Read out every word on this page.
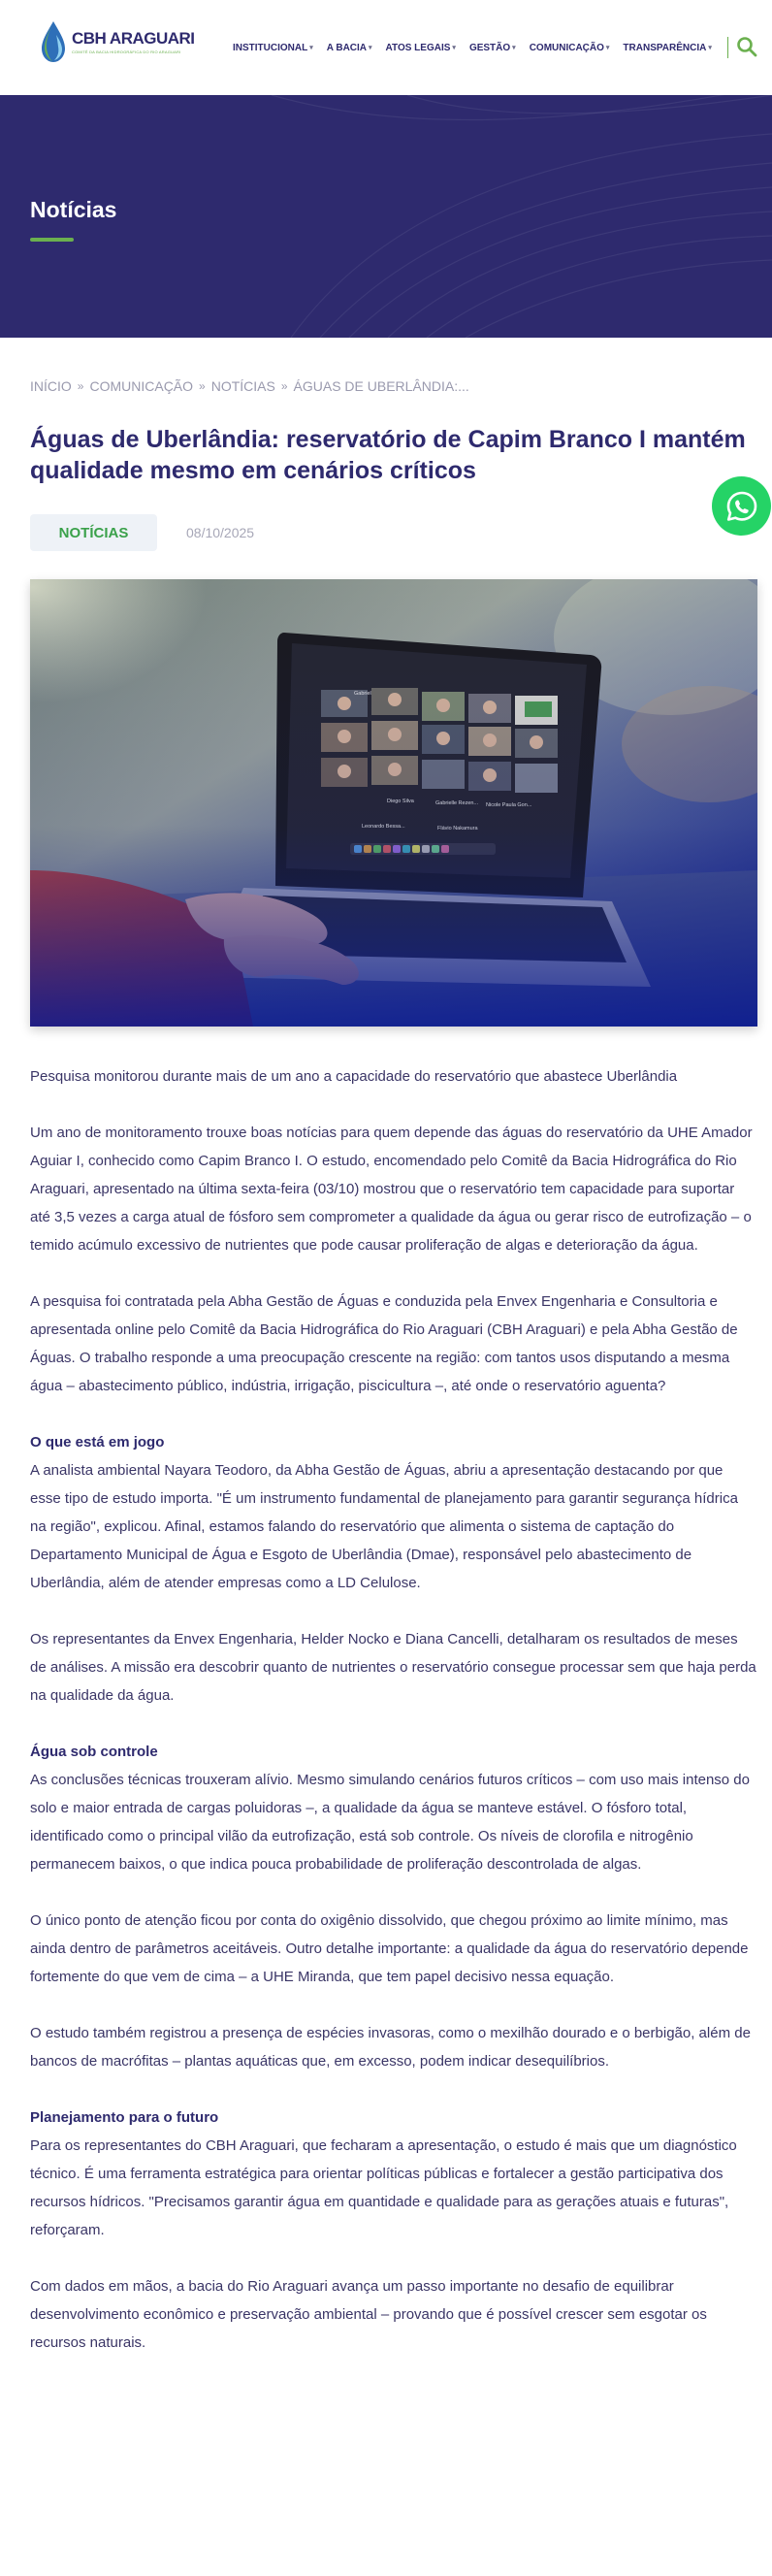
CBH ARAGUARI
COMITÊ DA BACIA HIDROGRÁFICA DO RIO ARAGUARI	INSTITUCIONAL ▾ A BACIA ▾ ATOS LEGAIS ▾ GESTÃO ▾ COMUNICAÇÃO ▾ TRANSPARÊNCIA ▾
Notícias
INÍCIO » COMUNICAÇÃO » NOTÍCIAS » ÁGUAS DE UBERLÂNDIA:...
Águas de Uberlândia: reservatório de Capim Branco I mantém qualidade mesmo em cenários críticos
NOTÍCIAS	08/10/2025

Pesquisa monitorou durante mais de um ano a capacidade do reservatório que abastece Uberlândia

Um ano de monitoramento trouxe boas notícias para quem depende das águas do reservatório da UHE Amador Aguiar I, conhecido como Capim Branco I. O estudo, encomendado pelo Comitê da Bacia Hidrográfica do Rio Araguari, apresentado na última sexta-feira (03/10) mostrou que o reservatório tem capacidade para suportar até 3,5 vezes a carga atual de fósforo sem comprometer a qualidade da água ou gerar risco de eutrofização – o temido acúmulo excessivo de nutrientes que pode causar proliferação de algas e deterioração da água.

A pesquisa foi contratada pela Abha Gestão de Águas e conduzida pela Envex Engenharia e Consultoria e apresentada online pelo Comitê da Bacia Hidrográfica do Rio Araguari (CBH Araguari) e pela Abha Gestão de Águas. O trabalho responde a uma preocupação crescente na região: com tantos usos disputando a mesma água – abastecimento público, indústria, irrigação, piscicultura –, até onde o reservatório aguenta?

O que está em jogo

A analista ambiental Nayara Teodoro, da Abha Gestão de Águas, abriu a apresentação destacando por que esse tipo de estudo importa. "É um instrumento fundamental de planejamento para garantir segurança hídrica na região", explicou. Afinal, estamos falando do reservatório que alimenta o sistema de captação do Departamento Municipal de Água e Esgoto de Uberlândia (Dmae), responsável pelo abastecimento de Uberlândia, além de atender empresas como a LD Celulose.

Os representantes da Envex Engenharia, Helder Nocko e Diana Cancelli, detalharam os resultados de meses de análises. A missão era descobrir quanto de nutrientes o reservatório consegue processar sem que haja perda na qualidade da água.

Água sob controle

As conclusões técnicas trouxeram alívio. Mesmo simulando cenários futuros críticos – com uso mais intenso do solo e maior entrada de cargas poluidoras –, a qualidade da água se manteve estável. O fósforo total, identificado como o principal vilão da eutrofização, está sob controle. Os níveis de clorofila e nitrogênio permanecem baixos, o que indica pouca probabilidade de proliferação descontrolada de algas.

O único ponto de atenção ficou por conta do oxigênio dissolvido, que chegou próximo ao limite mínimo, mas ainda dentro de parâmetros aceitáveis. Outro detalhe importante: a qualidade da água do reservatório depende fortemente do que vem de cima – a UHE Miranda, que tem papel decisivo nessa equação.

O estudo também registrou a presença de espécies invasoras, como o mexilhão dourado e o berbigão, além de bancos de macrófitas – plantas aquáticas que, em excesso, podem indicar desequilíbrios.

Planejamento para o futuro

Para os representantes do CBH Araguari, que fecharam a apresentação, o estudo é mais que um diagnóstico técnico. É uma ferramenta estratégica para orientar políticas públicas e fortalecer a gestão participativa dos recursos hídricos. "Precisamos garantir água em quantidade e qualidade para as gerações atuais e futuras", reforçaram.

Com dados em mãos, a bacia do Rio Araguari avança um passo importante no desafio de equilibrar desenvolvimento econômico e preservação ambiental – provando que é possível crescer sem esgotar os recursos naturais.
